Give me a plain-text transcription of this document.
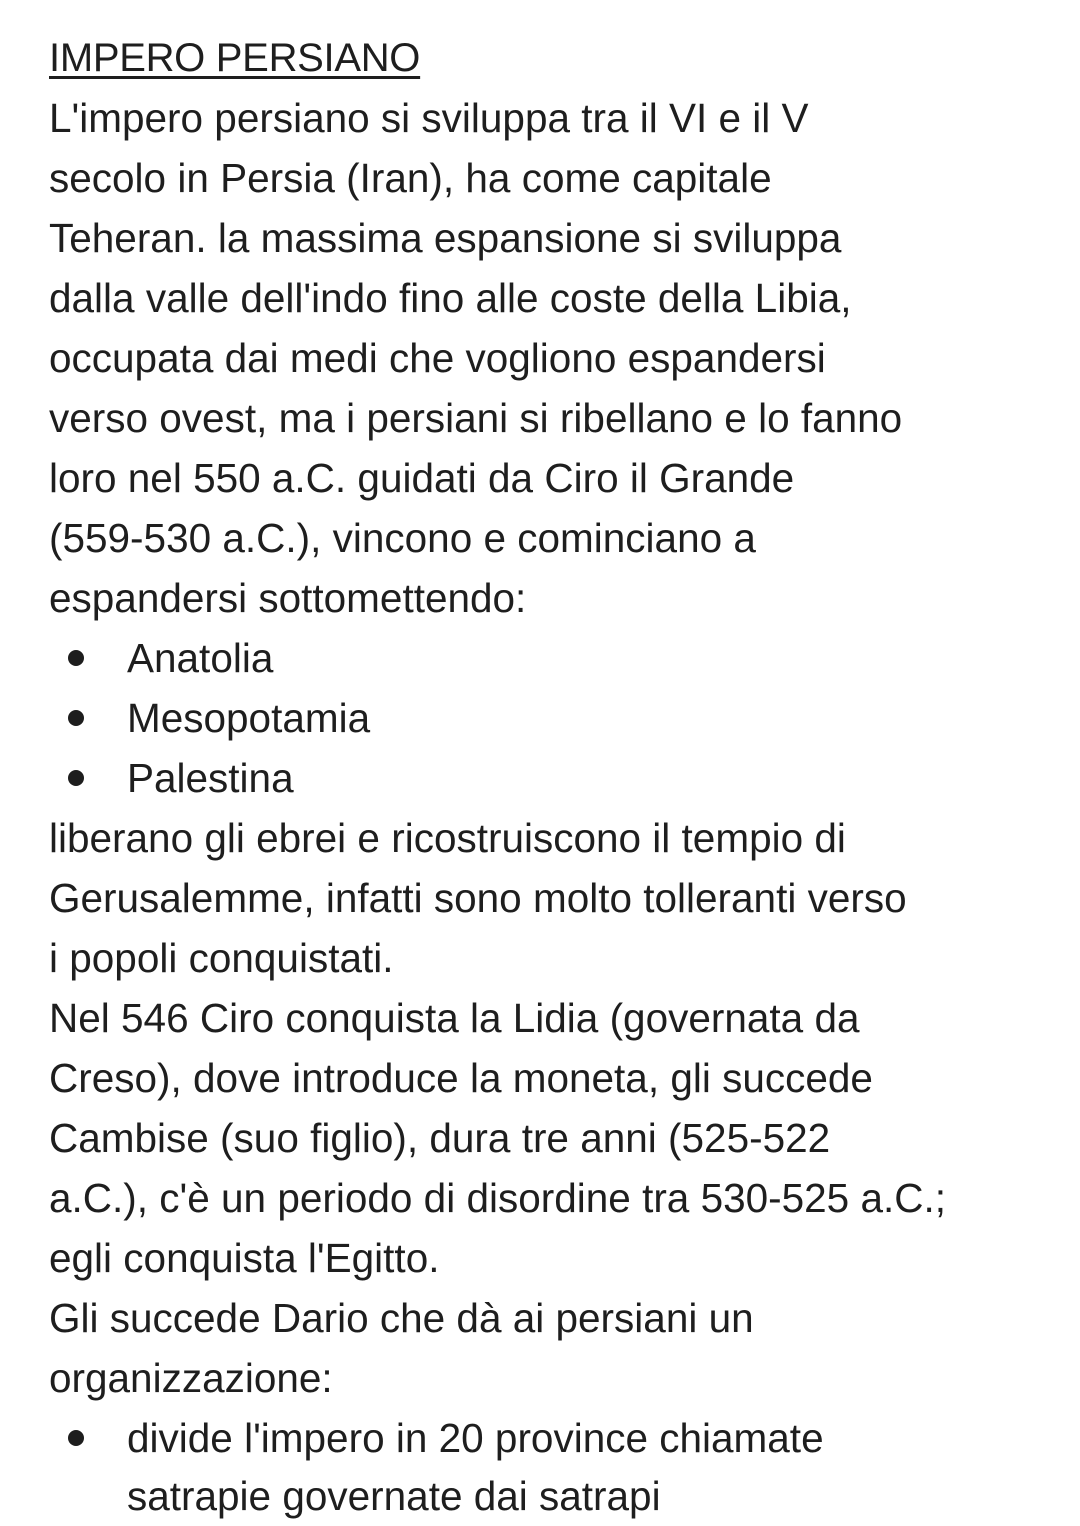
IMPERO PERSIANO

L'impero persiano si sviluppa tra il VI e il V

secolo in Persia (Iran), ha come capitale

Teheran. la massima espansione si sviluppa

dalla valle dell'indo fino alle coste della Libia,

occupata dai medi che vogliono espandersi

verso ovest, ma i persiani si ribellano e lo fanno

loro nel 550 a.C. guidati da Ciro il Grande

(559-530 a.C.), vincono e cominciano a

espandersi sottomettendo:

Anatolia

Mesopotamia

Palestina

liberano gli ebrei e ricostruiscono il tempio di

Gerusalemme, infatti sono molto tolleranti verso

i popoli conquistati.

Nel 546 Ciro conquista la Lidia (governata da

Creso), dove introduce la moneta, gli succede

Cambise (suo figlio), dura tre anni (525-522

a.C.), c'è un periodo di disordine tra 530-525 a.C.;

egli conquista l'Egitto.

Gli succede Dario che dà ai persiani un

organizzazione:

divide l'impero in 20 province chiamate

satrapie governate dai satrapi
